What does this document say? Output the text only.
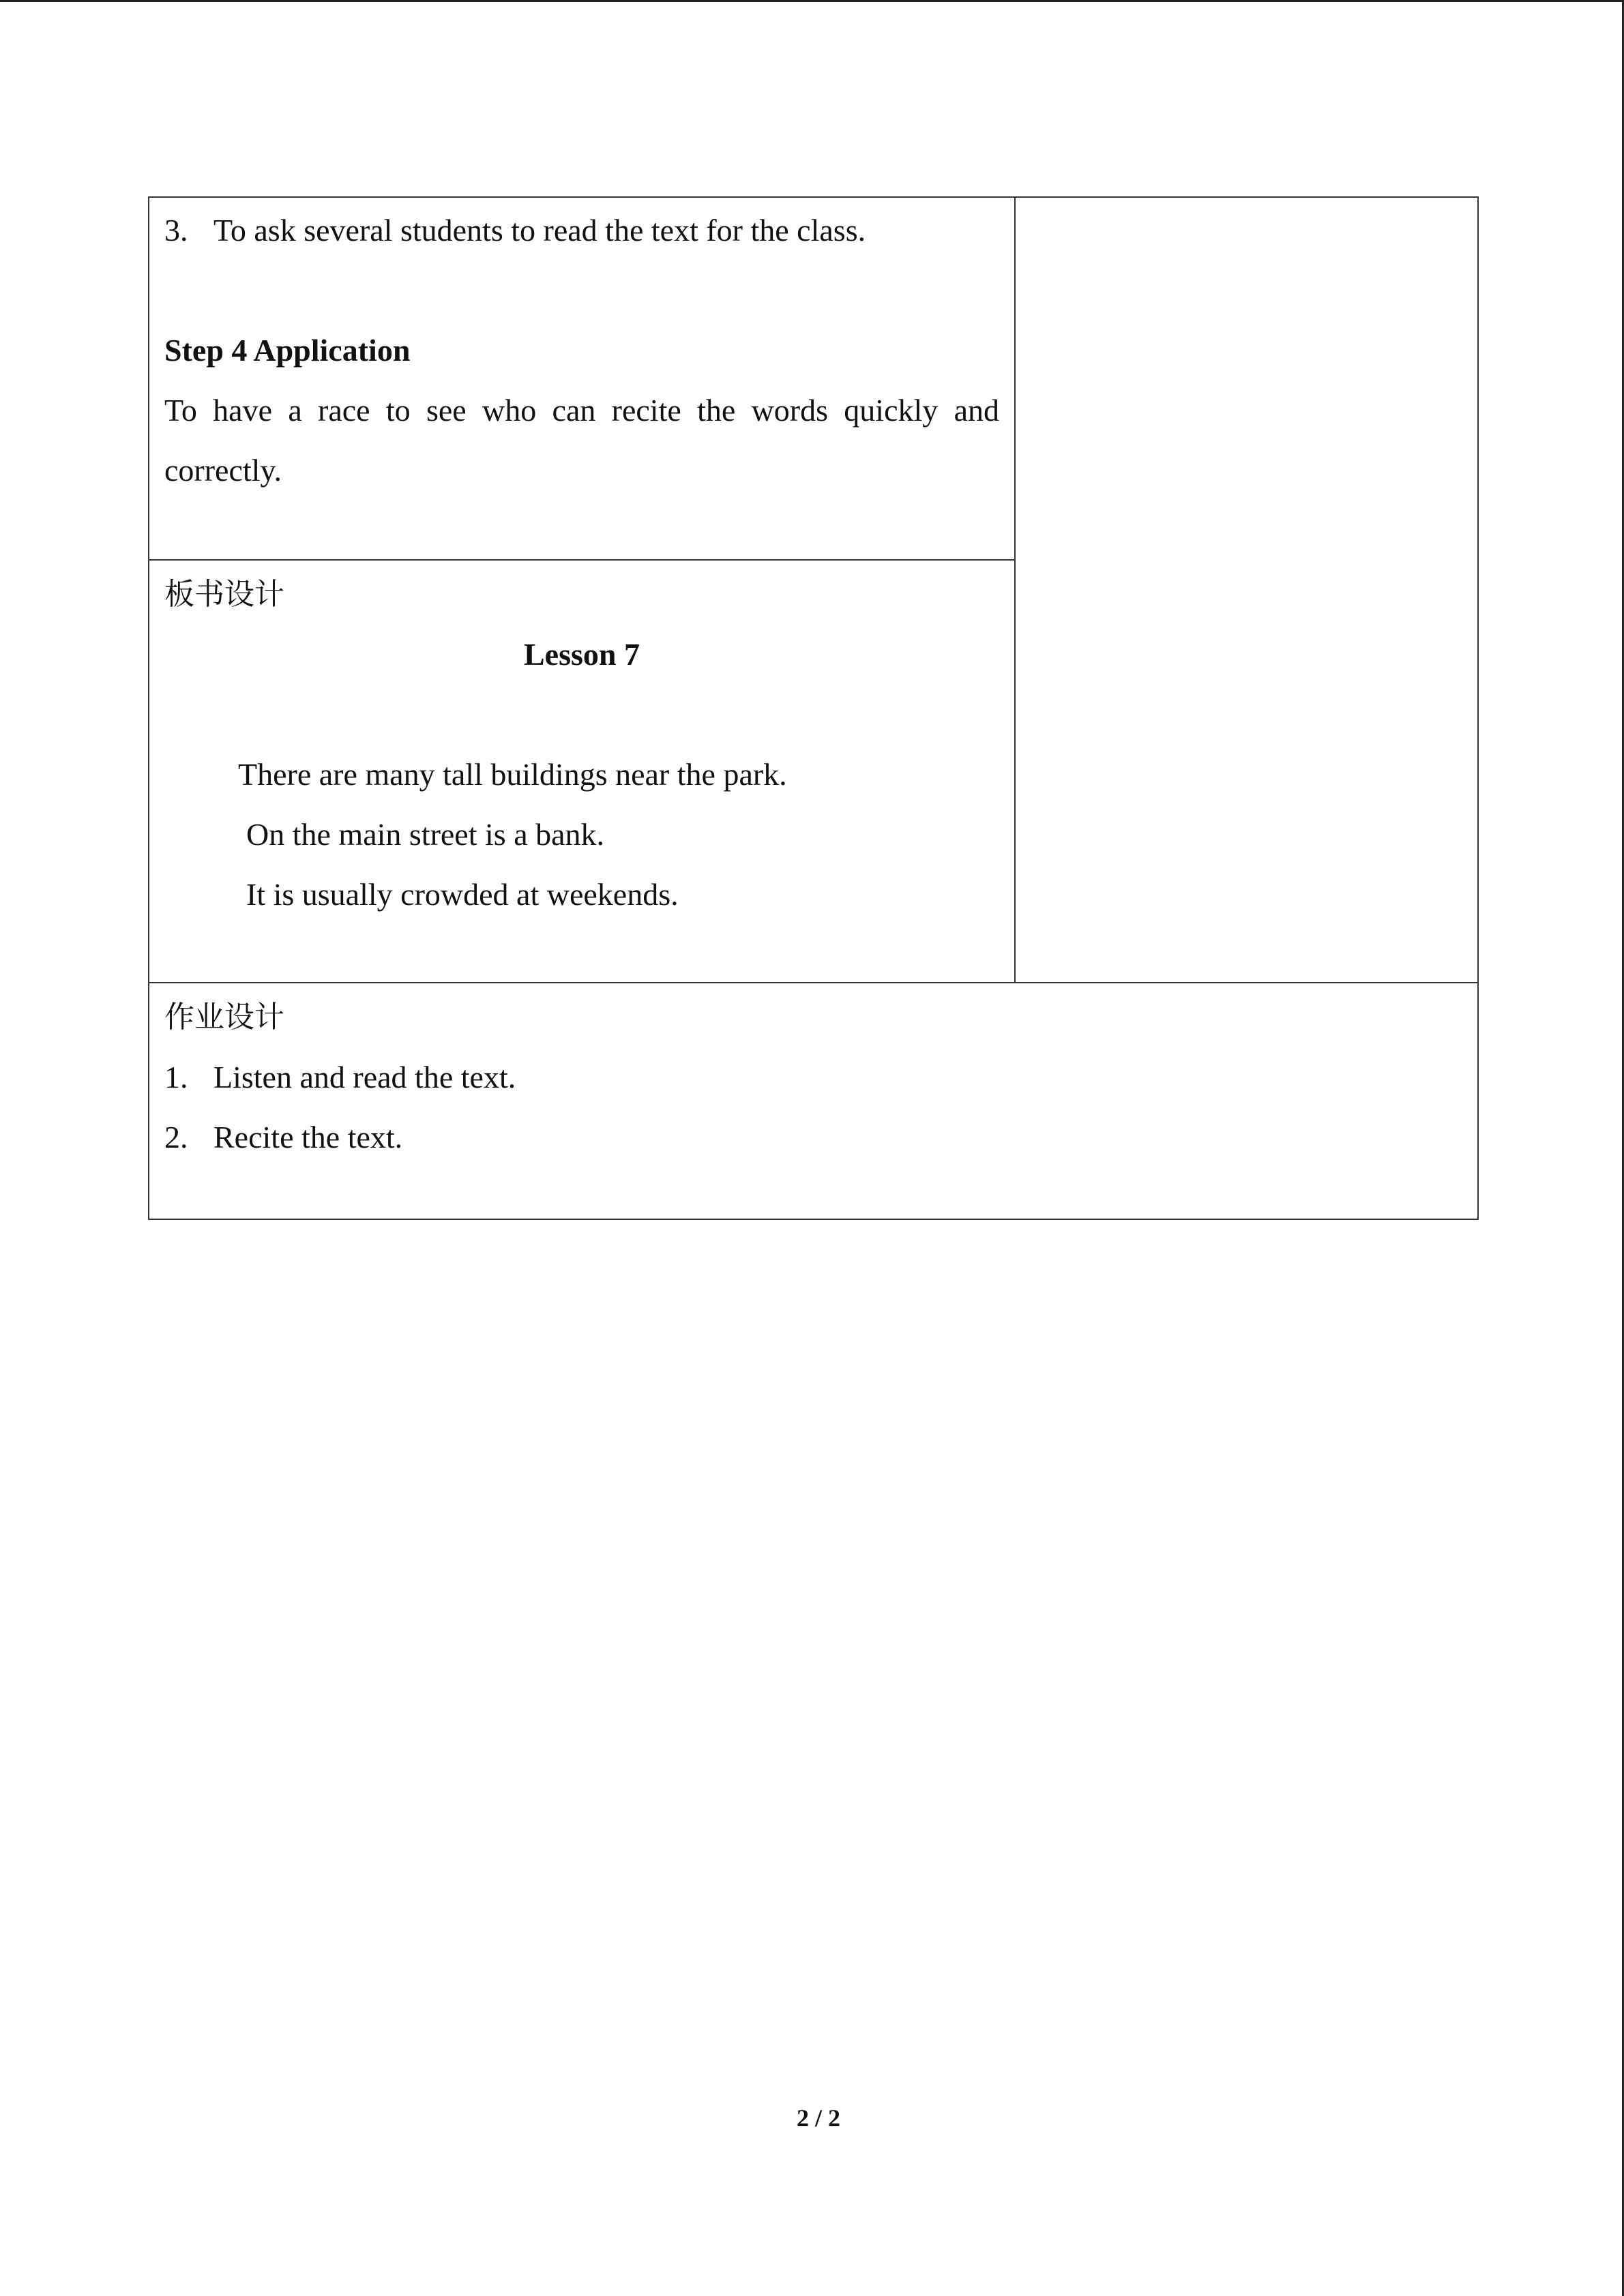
3. To ask several students to read the text for the class.
Step 4 Application
To have a race to see who can recite the words quickly and
correctly.

板书设计
Lesson 7
There are many tall buildings near the park.
On the main street is a bank.
It is usually crowded at weekends.

作业设计
1. Listen and read the text.
2. Recite the text.
2 / 2
